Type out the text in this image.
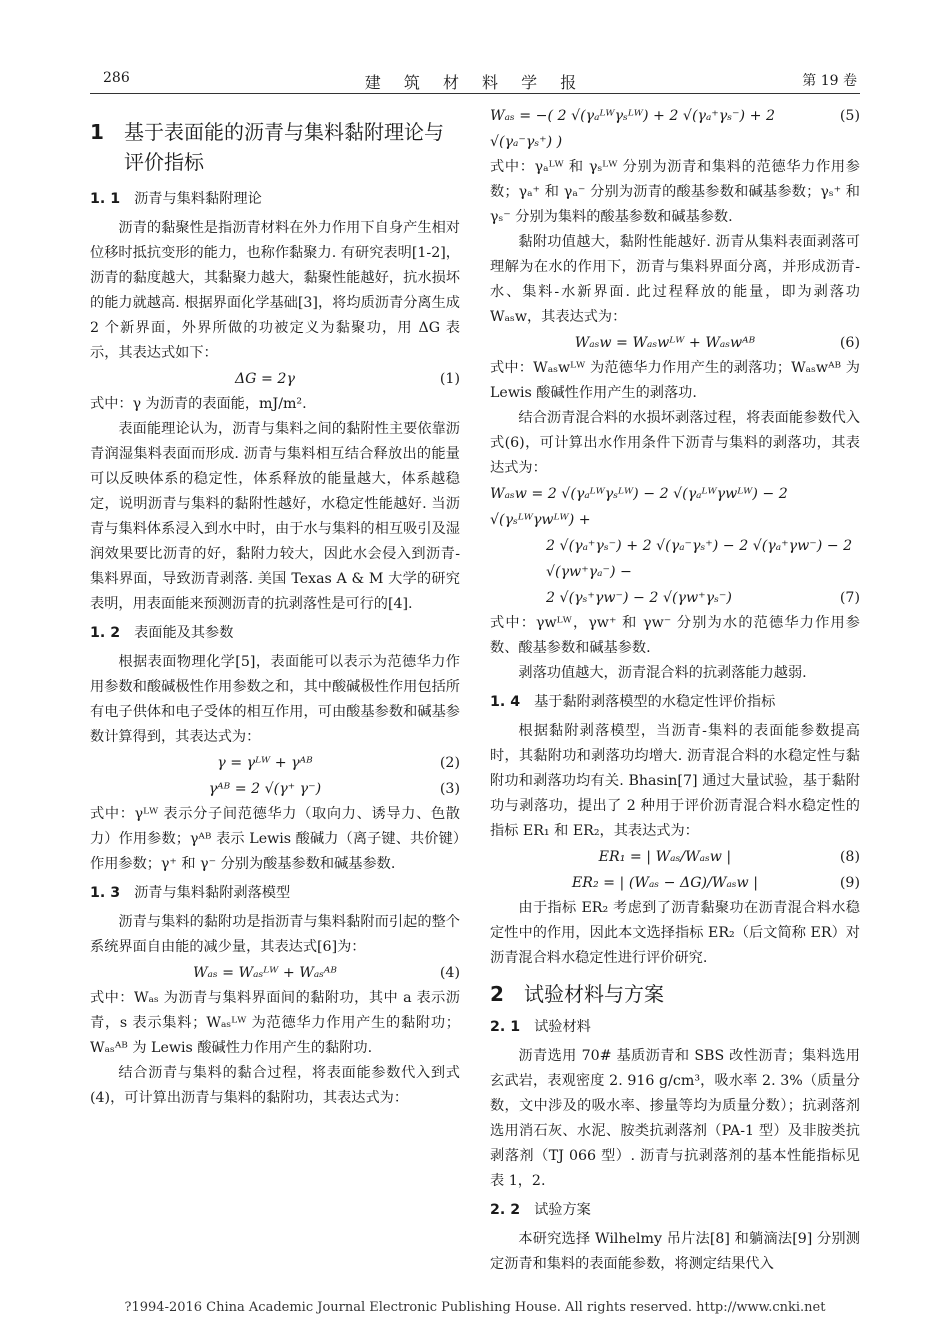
286	建 筑 材 料 学 报	第 19 卷
1	基于表面能的沥青与集料黏附理论与评价指标
1. 1 沥青与集料黏附理论

沥青的黏聚性是指沥青材料在外力作用下自身产生相对位移时抵抗变形的能力，也称作黏聚力. 有研究表明[1-2]，沥青的黏度越大，其黏聚力越大，黏聚性能越好，抗水损坏的能力就越高. 根据界面化学基础[3]，将均质沥青分离生成 2 个新界面，外界所做的功被定义为黏聚功，用 ΔG 表示，其表达式如下：

ΔG = 2γ	(1)

式中：γ 为沥青的表面能，mJ/m².

表面能理论认为，沥青与集料之间的黏附性主要依靠沥青润湿集料表面而形成. 沥青与集料相互结合释放出的能量可以反映体系的稳定性，体系释放的能量越大，体系越稳定，说明沥青与集料的黏附性越好，水稳定性能越好. 当沥青与集料体系浸入到水中时，由于水与集料的相互吸引及湿润效果要比沥青的好，黏附力较大，因此水会侵入到沥青-集料界面，导致沥青剥落. 美国 Texas A & M 大学的研究表明，用表面能来预测沥青的抗剥落性是可行的[4].

1. 2 表面能及其参数

根据表面物理化学[5]，表面能可以表示为范德华力作用参数和酸碱极性作用参数之和，其中酸碱极性作用包括所有电子供体和电子受体的相互作用，可由酸基参数和碱基参数计算得到，其表达式为：

γ = γᴸᵂ + γᴬᴮ	(2)
γᴬᴮ = 2 √(γ⁺ γ⁻)	(3)

式中：γᴸᵂ 表示分子间范德华力（取向力、诱导力、色散力）作用参数；γᴬᴮ 表示 Lewis 酸碱力（离子键、共价键）作用参数；γ⁺ 和 γ⁻ 分别为酸基参数和碱基参数.

1. 3 沥青与集料黏附剥落模型

沥青与集料的黏附功是指沥青与集料黏附而引起的整个系统界面自由能的减少量，其表达式[6]为：

Wₐₛ = Wₐₛᴸᵂ + Wₐₛᴬᴮ	(4)

式中：Wₐₛ 为沥青与集料界面间的黏附功，其中 a 表示沥青，s 表示集料；Wₐₛᴸᵂ 为范德华力作用产生的黏附功；Wₐₛᴬᴮ 为 Lewis 酸碱性力作用产生的黏附功.

结合沥青与集料的黏合过程，将表面能参数代入到式(4)，可计算出沥青与集料的黏附功，其表达式为：

Wₐₛ = −( 2 √(γₐᴸᵂγₛᴸᵂ) + 2 √(γₐ⁺γₛ⁻) + 2 √(γₐ⁻γₛ⁺) )
(5)

式中：γₐᴸᵂ 和 γₛᴸᵂ 分别为沥青和集料的范德华力作用参数；γₐ⁺ 和 γₐ⁻ 分别为沥青的酸基参数和碱基参数；γₛ⁺ 和 γₛ⁻ 分别为集料的酸基参数和碱基参数.

黏附功值越大，黏附性能越好. 沥青从集料表面剥落可理解为在水的作用下，沥青与集料界面分离，并形成沥青-水、集料-水新界面. 此过程释放的能量，即为剥落功 Wₐₛw，其表达式为：

Wₐₛw = Wₐₛwᴸᵂ + Wₐₛwᴬᴮ	(6)

式中：Wₐₛwᴸᵂ 为范德华力作用产生的剥落功；Wₐₛwᴬᴮ 为 Lewis 酸碱性作用产生的剥落功.

结合沥青混合料的水损坏剥落过程，将表面能参数代入式(6)，可计算出水作用条件下沥青与集料的剥落功，其表达式为：

Wₐₛw = 2 √(γₐᴸᵂγₛᴸᵂ) − 2 √(γₐᴸᵂγwᴸᵂ) − 2 √(γₛᴸᵂγwᴸᵂ) +
2 √(γₐ⁺γₛ⁻) + 2 √(γₐ⁻γₛ⁺) − 2 √(γₐ⁺γw⁻) − 2 √(γw⁺γₐ⁻) −
2 √(γₛ⁺γw⁻) − 2 √(γw⁺γₛ⁻)	(7)

式中：γwᴸᵂ，γw⁺ 和 γw⁻ 分别为水的范德华力作用参数、酸基参数和碱基参数.

剥落功值越大，沥青混合料的抗剥落能力越弱.

1. 4 基于黏附剥落模型的水稳定性评价指标

根据黏附剥落模型，当沥青-集料的表面能参数提高时，其黏附功和剥落功均增大. 沥青混合料的水稳定性与黏附功和剥落功均有关. Bhasin[7] 通过大量试验，基于黏附功与剥落功，提出了 2 种用于评价沥青混合料水稳定性的指标 ER₁ 和 ER₂，其表达式为：

ER₁ = | Wₐₛ/Wₐₛw |	(8)
ER₂ = | (Wₐₛ − ΔG)/Wₐₛw |	(9)

由于指标 ER₂ 考虑到了沥青黏聚功在沥青混合料水稳定性中的作用，因此本文选择指标 ER₂（后文简称 ER）对沥青混合料水稳定性进行评价研究.

2	试验材料与方案
2. 1 试验材料

沥青选用 70# 基质沥青和 SBS 改性沥青；集料选用玄武岩，表观密度 2. 916 g/cm³，吸水率 2. 3%（质量分数，文中涉及的吸水率、掺量等均为质量分数）；抗剥落剂选用消石灰、水泥、胺类抗剥落剂（PA-1 型）及非胺类抗剥落剂（TJ 066 型）. 沥青与抗剥落剂的基本性能指标见表 1，2.

2. 2 试验方案

本研究选择 Wilhelmy 吊片法[8] 和躺滴法[9] 分别测定沥青和集料的表面能参数，将测定结果代入

?1994-2016 China Academic Journal Electronic Publishing House. All rights reserved. http://www.cnki.net
